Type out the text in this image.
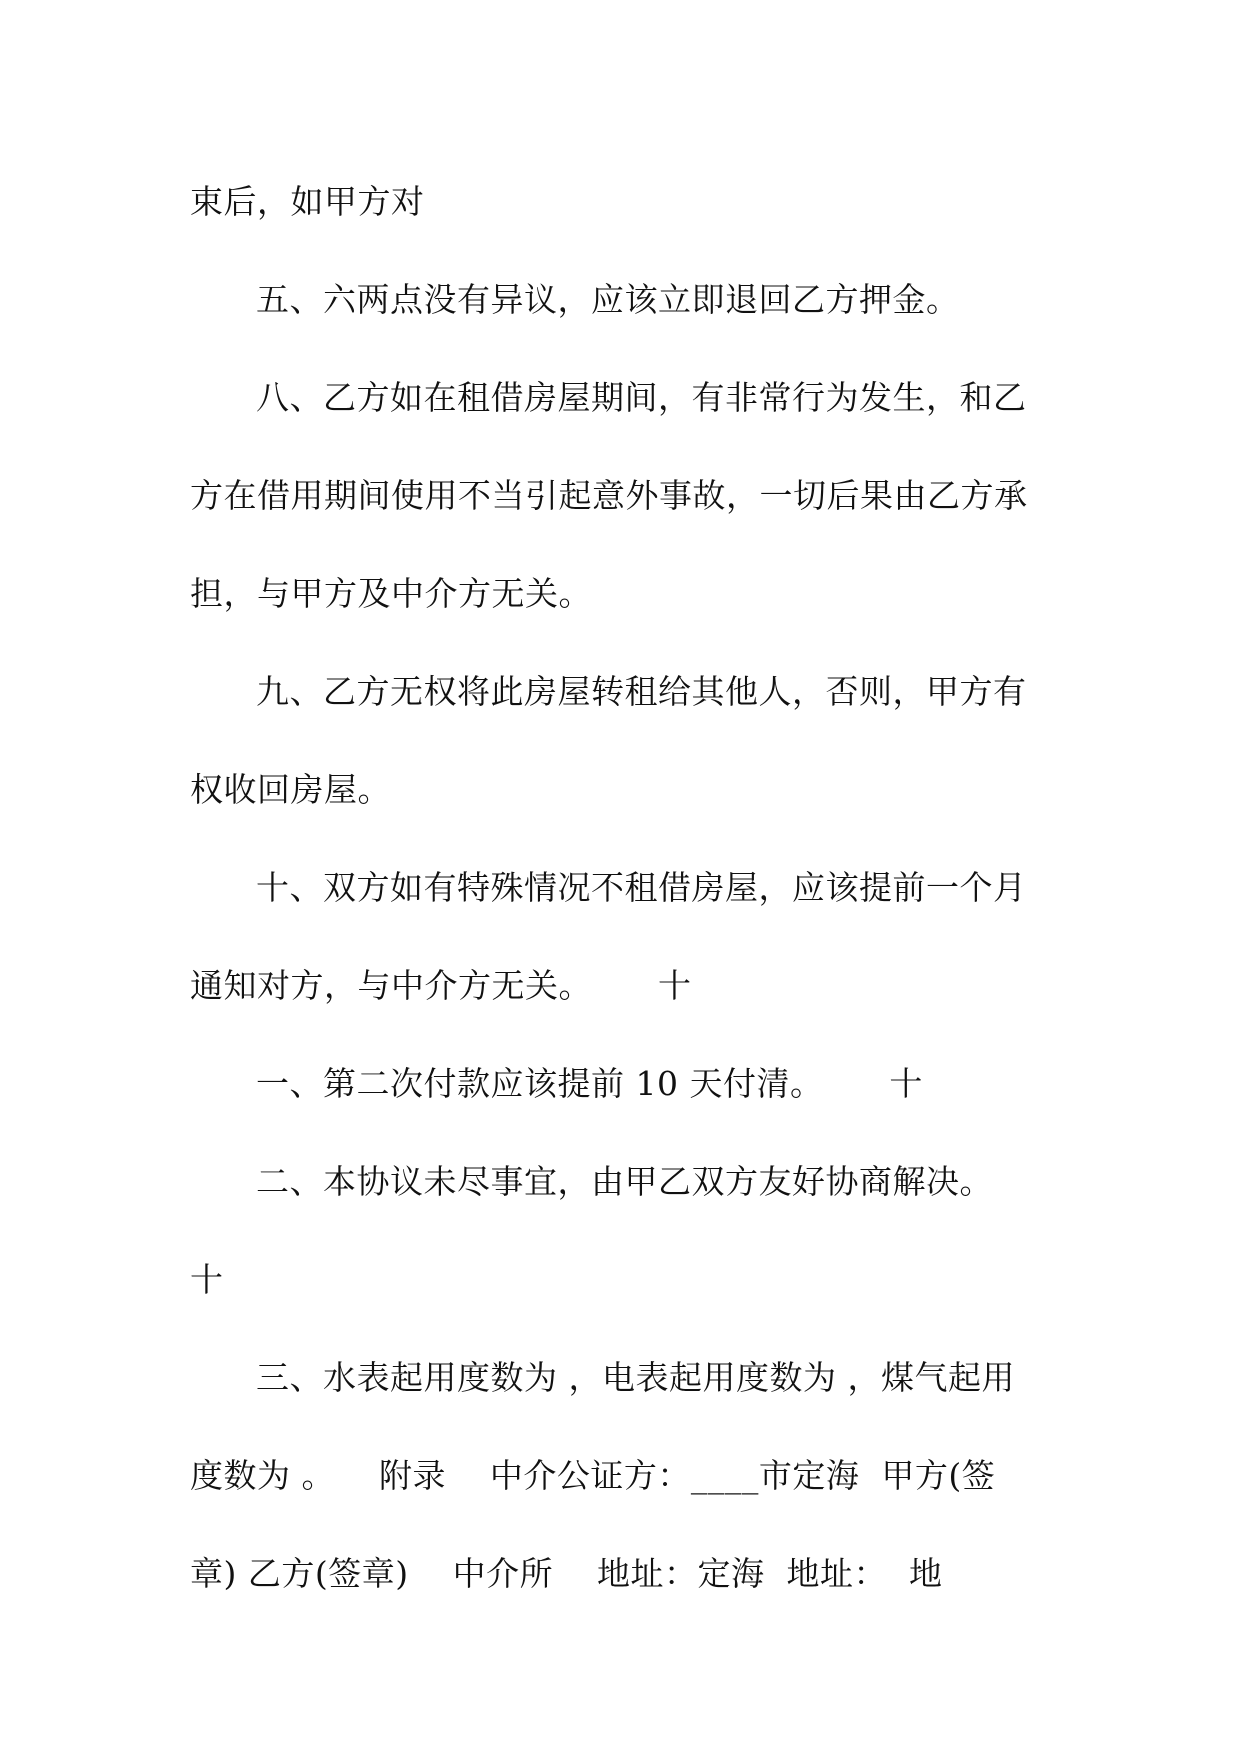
束后，如甲方对
五、六两点没有异议，应该立即退回乙方押金。
八、乙方如在租借房屋期间，有非常行为发生，和乙
方在借用期间使用不当引起意外事故，一切后果由乙方承
担，与甲方及中介方无关。
九、乙方无权将此房屋转租给其他人，否则，甲方有
权收回房屋。
十、双方如有特殊情况不租借房屋，应该提前一个月
通知对方，与中介方无关。      十
一、第二次付款应该提前 10 天付清。      十
二、本协议未尽事宜，由甲乙双方友好协商解决。
十
三、水表起用度数为 ，电表起用度数为 ，煤气起用
度数为 。    附录    中介公证方：____市定海  甲方(签
章) 乙方(签章)    中介所    地址：定海  地址：  地
